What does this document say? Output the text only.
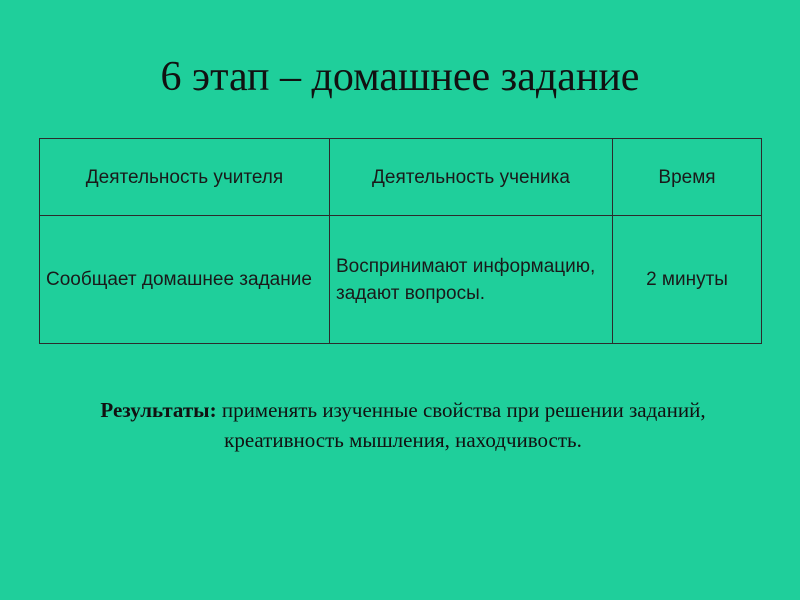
6 этап – домашнее задание
Деятельность учителя	Деятельность ученика	Время
Сообщает домашнее задание	Воспринимают информацию, задают вопросы.	2 минуты
Результаты: применять изученные свойства при решении заданий, креативность мышления, находчивость.
